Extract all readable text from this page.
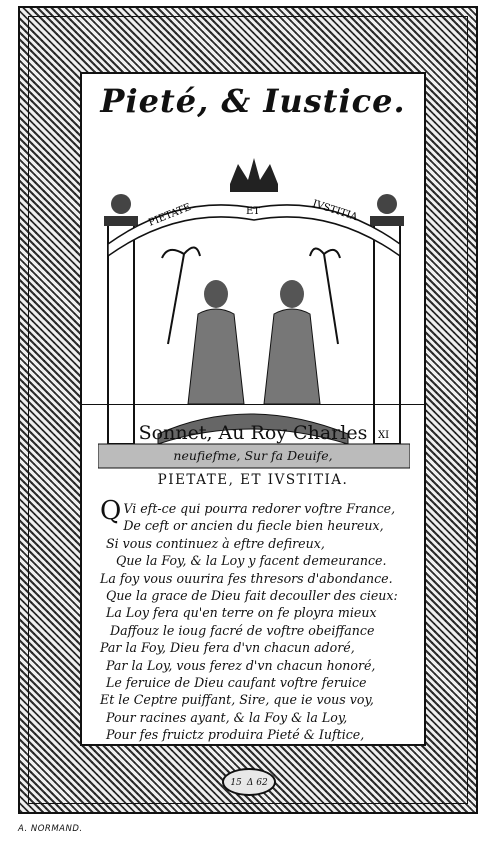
Pieté, & Iustice.
PIETATE	ET	IVSTITIA
XI
Sonnet, Au Roy Charles
neufiefme, Sur fa Deuife,
PIETATE, ET IVSTITIA.
Q Vi eft-ce qui pourra redorer voftre France,
De ceft or ancien du fiecle bien heureux,
Si vous continuez à eftre defireux,
Que la Foy, & la Loy y facent demeurance.
La foy vous ouurira fes thresors d'abondance.
Que la grace de Dieu fait decouller des cieux:
La Loy fera qu'en terre on fe ployra mieux
Daffouz le ioug facré de voftre obeiffance
Par la Foy, Dieu fera d'vn chacun adoré,
Par la Loy, vous ferez d'vn chacun honoré,
Le feruice de Dieu caufant voftre feruice
Et le Ceptre puiffant, Sire, que ie vous voy,
Pour racines ayant, & la Foy & la Loy,
Pour fes fruictz produira Pieté & Iuftice,
15 Δ 62
A. NORMAND.
